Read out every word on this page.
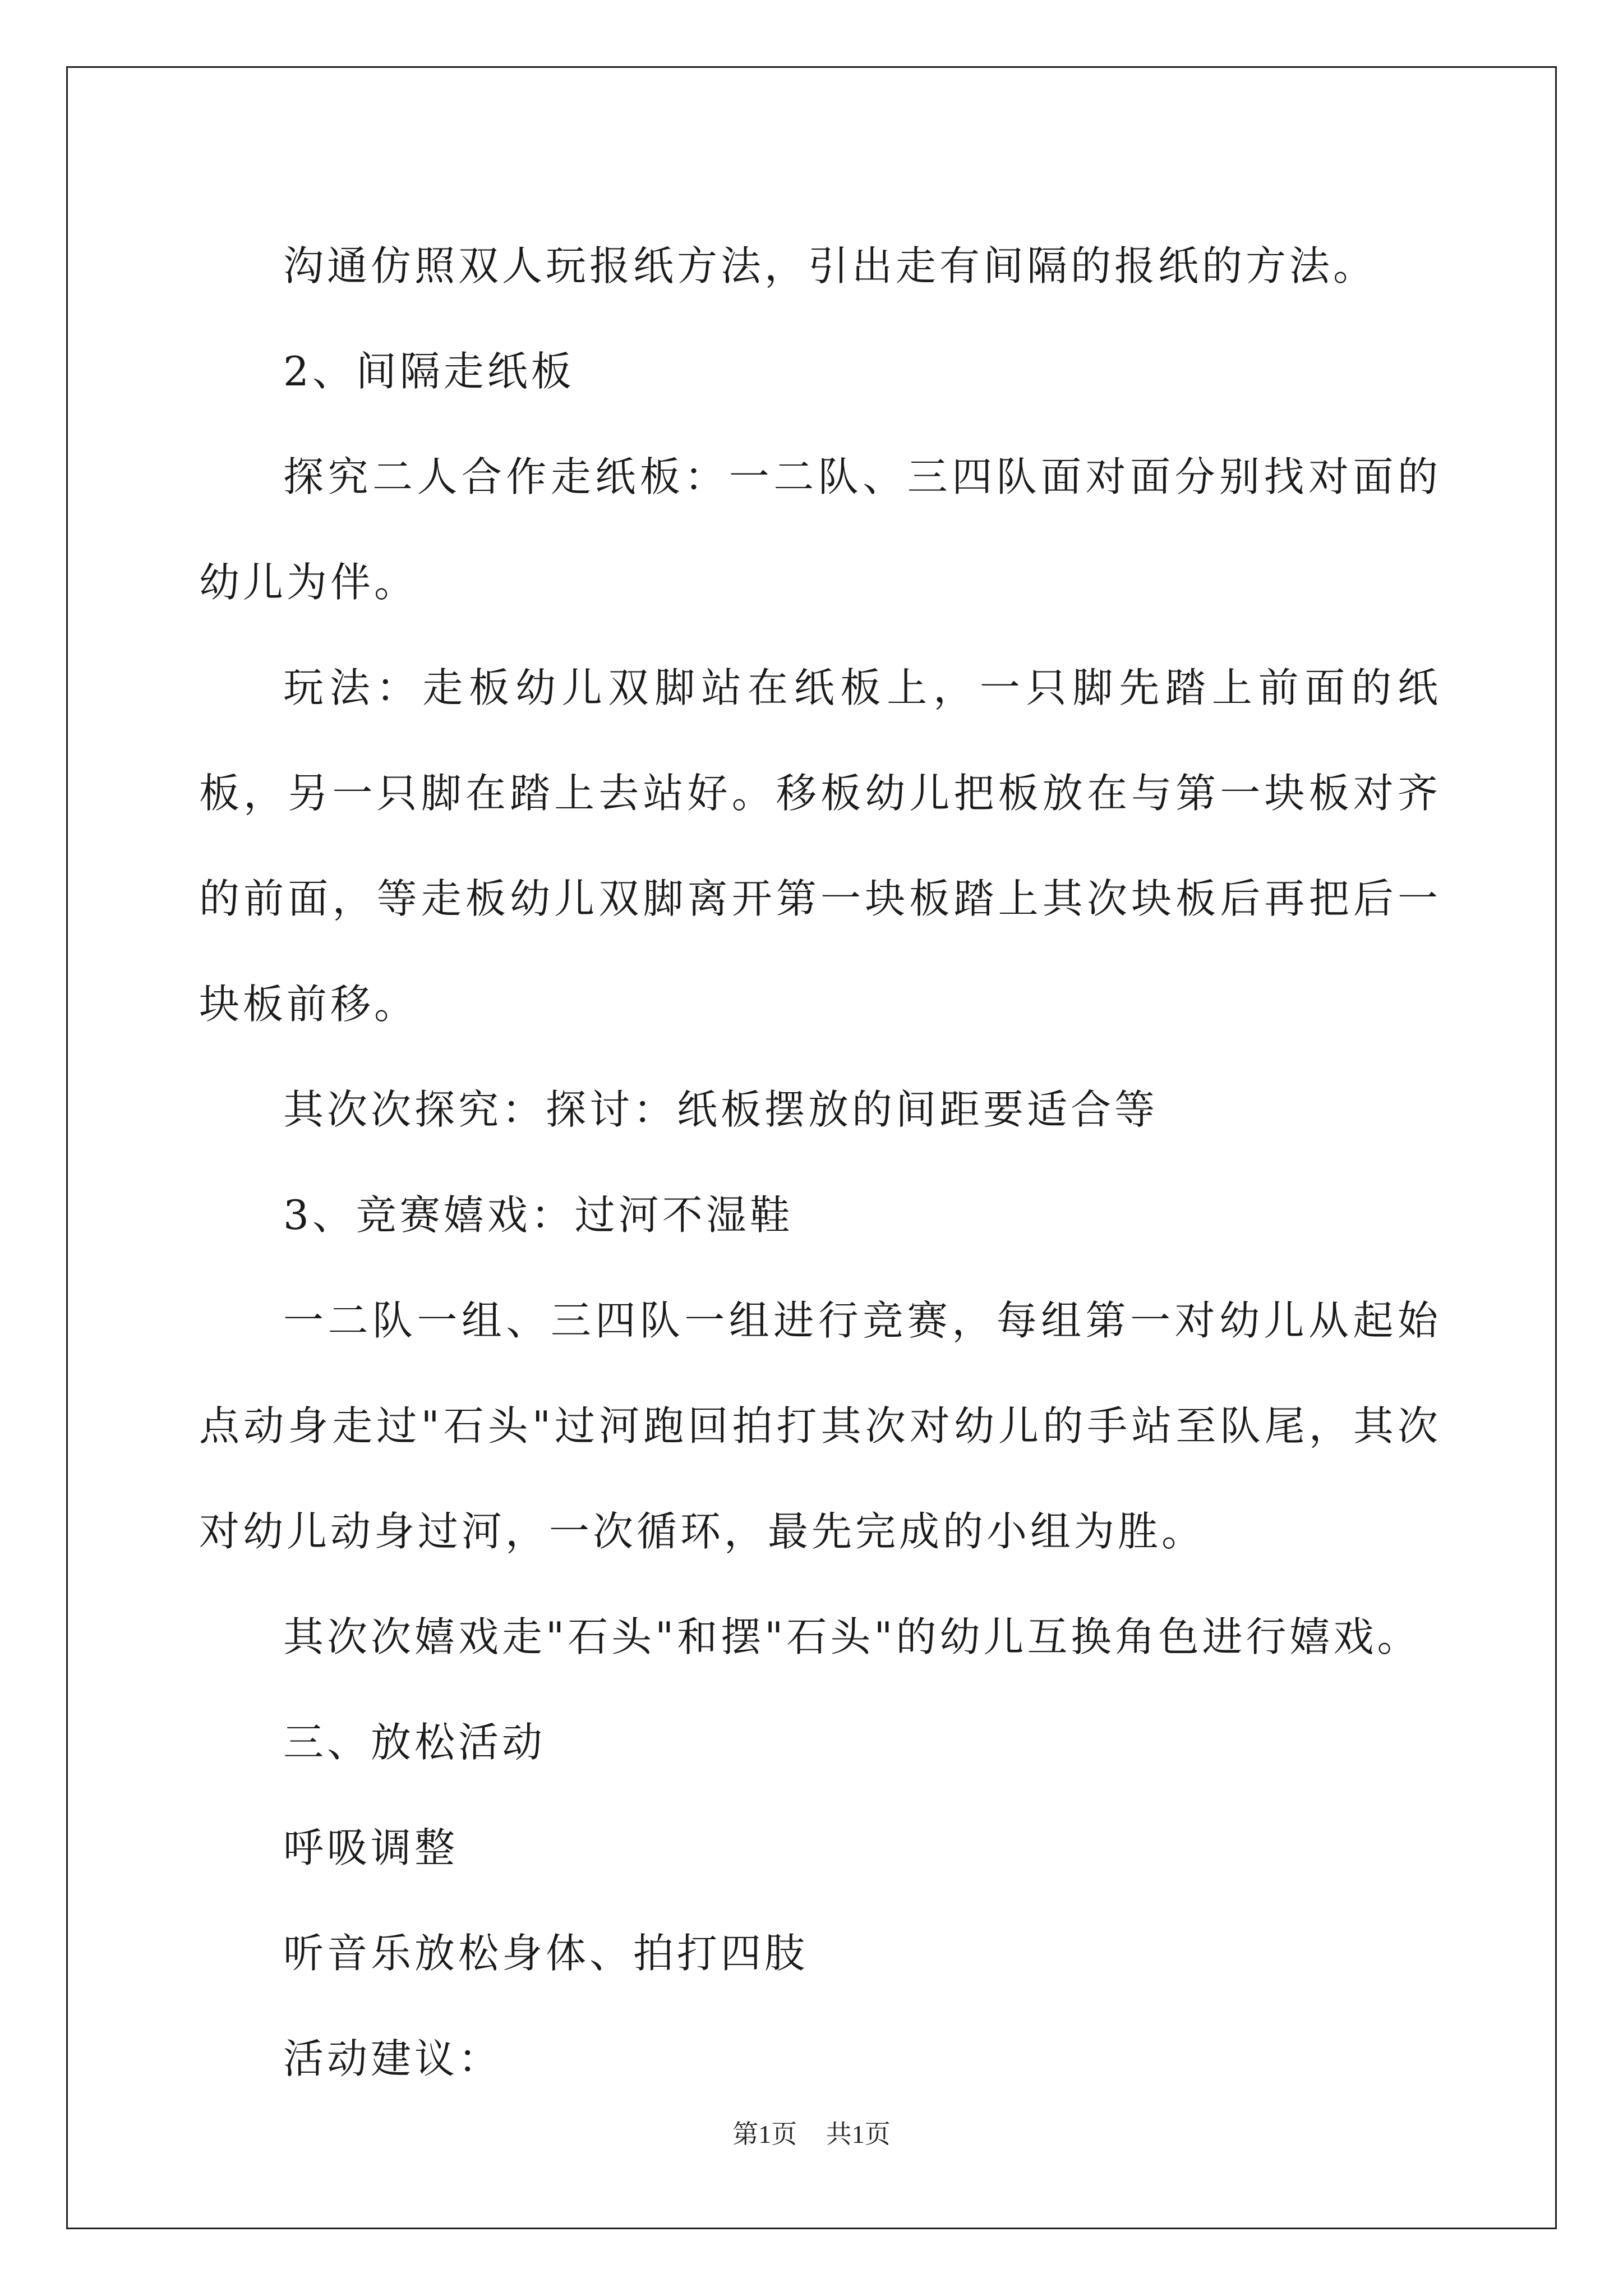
沟通仿照双人玩报纸方法，引出走有间隔的报纸的方法。

2、间隔走纸板

探究二人合作走纸板：一二队、三四队面对面分别找对面的幼儿为伴。

玩法：走板幼儿双脚站在纸板上，一只脚先踏上前面的纸板，另一只脚在踏上去站好。移板幼儿把板放在与第一块板对齐的前面，等走板幼儿双脚离开第一块板踏上其次块板后再把后一块板前移。

其次次探究：探讨：纸板摆放的间距要适合等

3、竞赛嬉戏：过河不湿鞋

一二队一组、三四队一组进行竞赛，每组第一对幼儿从起始点动身走过"石头"过河跑回拍打其次对幼儿的手站至队尾，其次对幼儿动身过河，一次循环，最先完成的小组为胜。

其次次嬉戏走"石头"和摆"石头"的幼儿互换角色进行嬉戏。

三、放松活动

呼吸调整

听音乐放松身体、拍打四肢

活动建议：

第1页 共1页
